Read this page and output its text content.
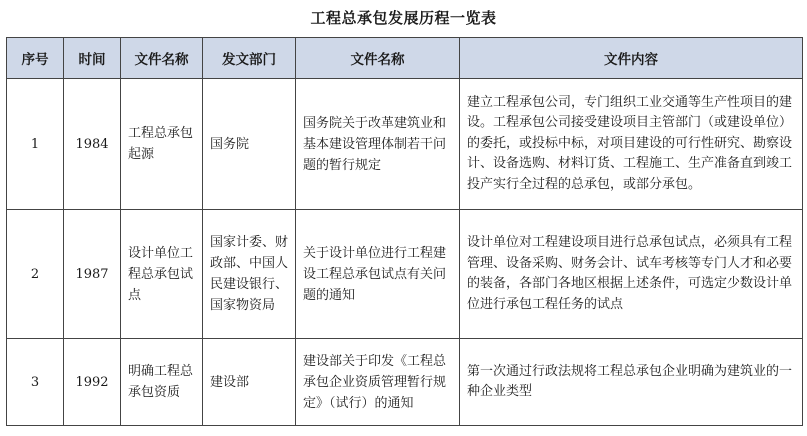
工程总承包发展历程一览表
序号	时间	文件名称	发文部门	文件名称	文件内容
1	1984	工程总承包起源	国务院	国务院关于改革建筑业和基本建设管理体制若干问题的暂行规定	建立工程承包公司，专门组织工业交通等生产性项目的建设。工程承包公司接受建设项目主管部门（或建设单位）的委托，或投标中标，对项目建设的可行性研究、勘察设计、设备选购、材料订货、工程施工、生产准备直到竣工投产实行全过程的总承包，或部分承包。
2	1987	设计单位工程总承包试点	国家计委、财政部、中国人民建设银行、国家物资局	关于设计单位进行工程建设工程总承包试点有关问题的通知	设计单位对工程建设项目进行总承包试点，必须具有工程管理、设备采购、财务会计、试车考核等专门人才和必要的装备，各部门各地区根据上述条件，可选定少数设计单位进行承包工程任务的试点
3	1992	明确工程总承包资质	建设部	建设部关于印发《工程总承包企业资质管理暂行规定》（试行）的通知	第一次通过行政法规将工程总承包企业明确为建筑业的一种企业类型
